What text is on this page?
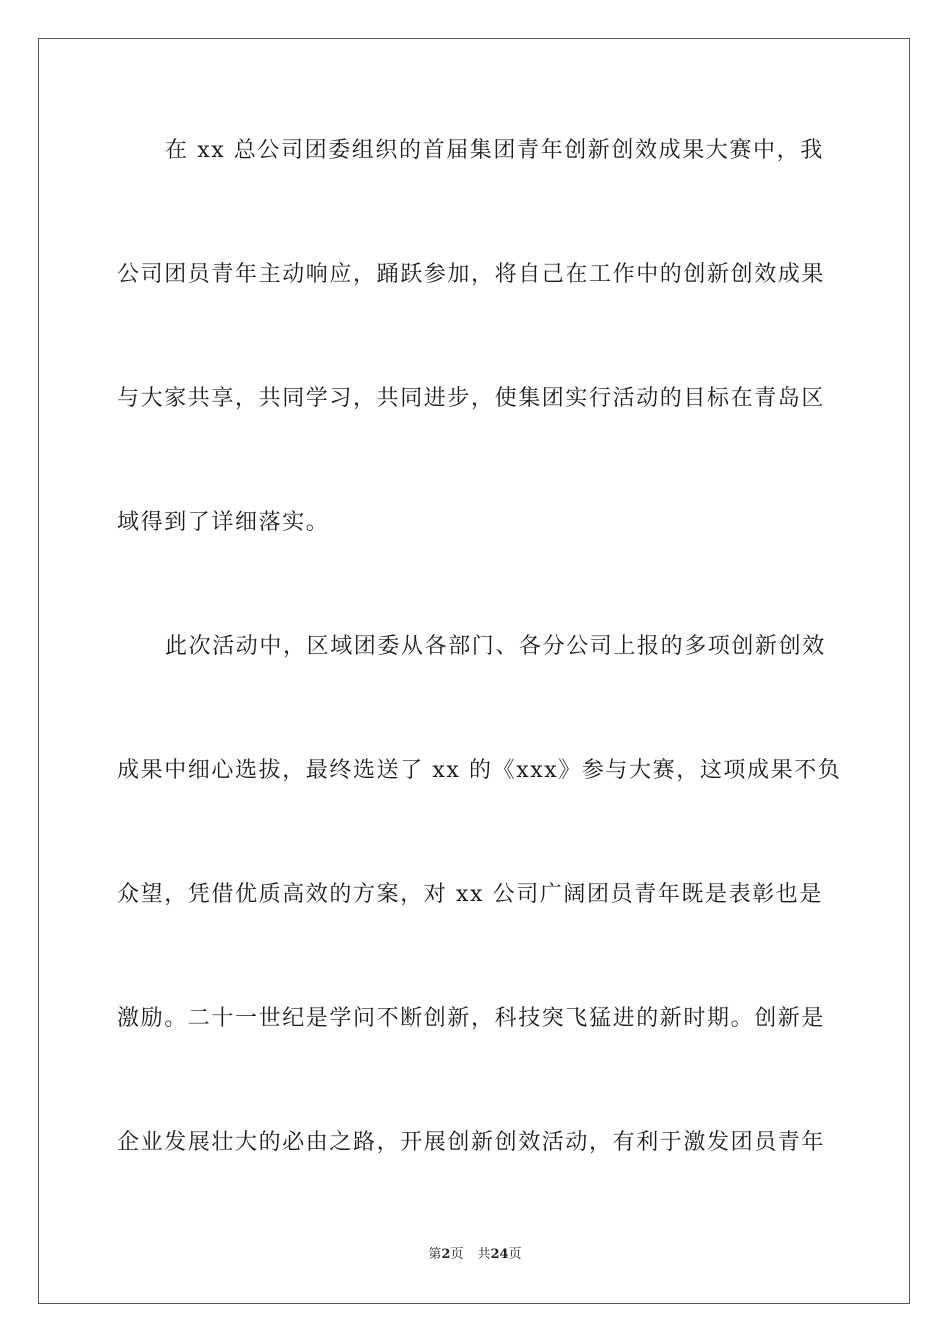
在 xx 总公司团委组织的首届集团青年创新创效成果大赛中，我
公司团员青年主动响应，踊跃参加，将自己在工作中的创新创效成果
与大家共享，共同学习，共同进步，使集团实行活动的目标在青岛区
域得到了详细落实。
此次活动中，区域团委从各部门、各分公司上报的多项创新创效
成果中细心选拔，最终选送了 xx 的《xxx》参与大赛，这项成果不负
众望，凭借优质高效的方案，对 xx 公司广阔团员青年既是表彰也是
激励。二十一世纪是学问不断创新，科技突飞猛进的新时期。创新是
企业发展壮大的必由之路，开展创新创效活动，有利于激发团员青年
第2页 共24页
